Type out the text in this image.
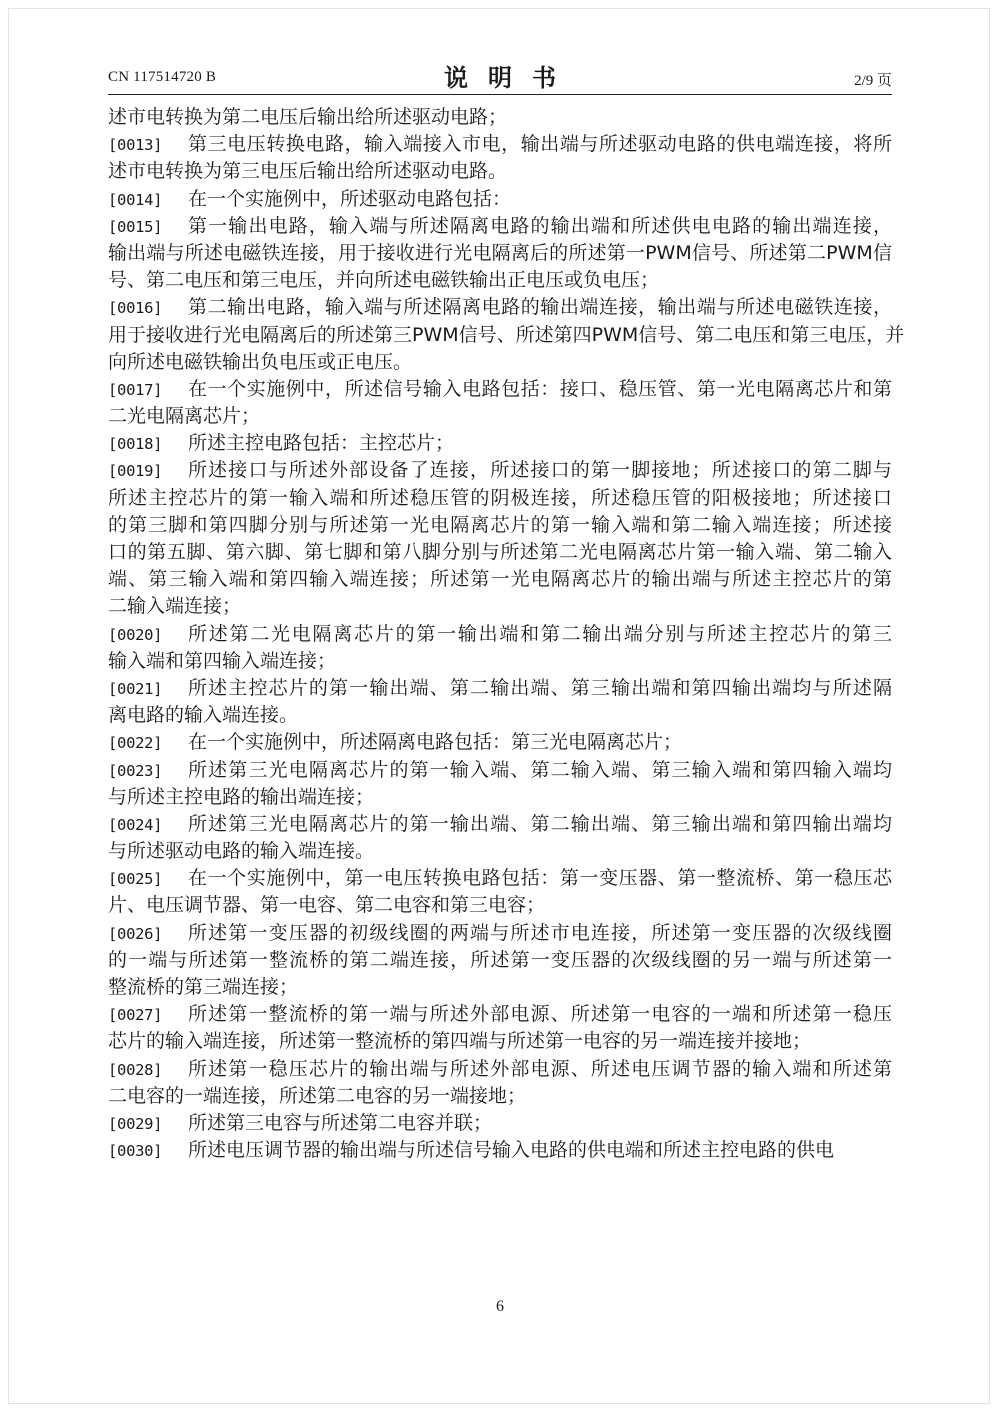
CN 117514720 B	说明书	2/9 页
述市电转换为第二电压后输出给所述驱动电路；
[0013] 第三电压转换电路，输入端接入市电，输出端与所述驱动电路的供电端连接，将所
述市电转换为第三电压后输出给所述驱动电路。
[0014] 在一个实施例中，所述驱动电路包括：
[0015] 第一输出电路，输入端与所述隔离电路的输出端和所述供电电路的输出端连接，
输出端与所述电磁铁连接，用于接收进行光电隔离后的所述第一PWM信号、所述第二PWM信
号、第二电压和第三电压，并向所述电磁铁输出正电压或负电压；
[0016] 第二输出电路，输入端与所述隔离电路的输出端连接，输出端与所述电磁铁连接，
用于接收进行光电隔离后的所述第三PWM信号、所述第四PWM信号、第二电压和第三电压，并
向所述电磁铁输出负电压或正电压。
[0017] 在一个实施例中，所述信号输入电路包括：接口、稳压管、第一光电隔离芯片和第
二光电隔离芯片；
[0018] 所述主控电路包括：主控芯片；
[0019] 所述接口与所述外部设备了连接，所述接口的第一脚接地；所述接口的第二脚与
所述主控芯片的第一输入端和所述稳压管的阴极连接，所述稳压管的阳极接地；所述接口
的第三脚和第四脚分别与所述第一光电隔离芯片的第一输入端和第二输入端连接；所述接
口的第五脚、第六脚、第七脚和第八脚分别与所述第二光电隔离芯片第一输入端、第二输入
端、第三输入端和第四输入端连接；所述第一光电隔离芯片的输出端与所述主控芯片的第
二输入端连接；
[0020] 所述第二光电隔离芯片的第一输出端和第二输出端分别与所述主控芯片的第三
输入端和第四输入端连接；
[0021] 所述主控芯片的第一输出端、第二输出端、第三输出端和第四输出端均与所述隔
离电路的输入端连接。
[0022] 在一个实施例中，所述隔离电路包括：第三光电隔离芯片；
[0023] 所述第三光电隔离芯片的第一输入端、第二输入端、第三输入端和第四输入端均
与所述主控电路的输出端连接；
[0024] 所述第三光电隔离芯片的第一输出端、第二输出端、第三输出端和第四输出端均
与所述驱动电路的输入端连接。
[0025] 在一个实施例中，第一电压转换电路包括：第一变压器、第一整流桥、第一稳压芯
片、电压调节器、第一电容、第二电容和第三电容；
[0026] 所述第一变压器的初级线圈的两端与所述市电连接，所述第一变压器的次级线圈
的一端与所述第一整流桥的第二端连接，所述第一变压器的次级线圈的另一端与所述第一
整流桥的第三端连接；
[0027] 所述第一整流桥的第一端与所述外部电源、所述第一电容的一端和所述第一稳压
芯片的输入端连接，所述第一整流桥的第四端与所述第一电容的另一端连接并接地；
[0028] 所述第一稳压芯片的输出端与所述外部电源、所述电压调节器的输入端和所述第
二电容的一端连接，所述第二电容的另一端接地；
[0029] 所述第三电容与所述第二电容并联；
[0030] 所述电压调节器的输出端与所述信号输入电路的供电端和所述主控电路的供电
6
